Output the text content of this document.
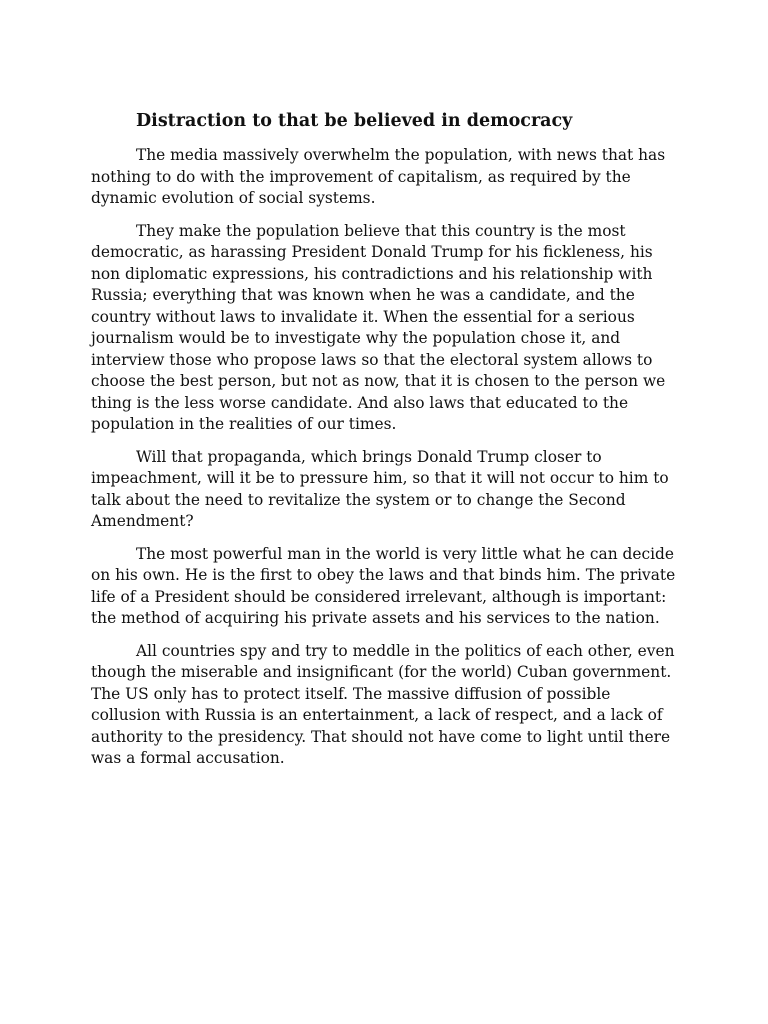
Distraction to that be believed in democracy

The media massively overwhelm the population, with news that has nothing to do with the improvement of capitalism, as required by the dynamic evolution of social systems.

They make the population believe that this country is the most democratic, as harassing President Donald Trump for his fickleness, his non diplomatic expressions, his contradictions and his relationship with Russia; everything that was known when he was a candidate, and the country without laws to invalidate it. When the essential for a serious journalism would be to investigate why the population chose it, and interview those who propose laws so that the electoral system allows to choose the best person, but not as now, that it is chosen to the person we thing is the less worse candidate. And also laws that educated to the population in the realities of our times.

Will that propaganda, which brings Donald Trump closer to impeachment, will it be to pressure him, so that it will not occur to him to talk about the need to revitalize the system or to change the Second Amendment?

The most powerful man in the world is very little what he can decide on his own. He is the first to obey the laws and that binds him. The private life of a President should be considered irrelevant, although is important: the method of acquiring his private assets and his services to the nation.

All countries spy and try to meddle in the politics of each other, even though the miserable and insignificant (for the world) Cuban government. The US only has to protect itself. The massive diffusion of possible collusion with Russia is an entertainment, a lack of respect, and a lack of authority to the presidency. That should not have come to light until there was a formal accusation.
